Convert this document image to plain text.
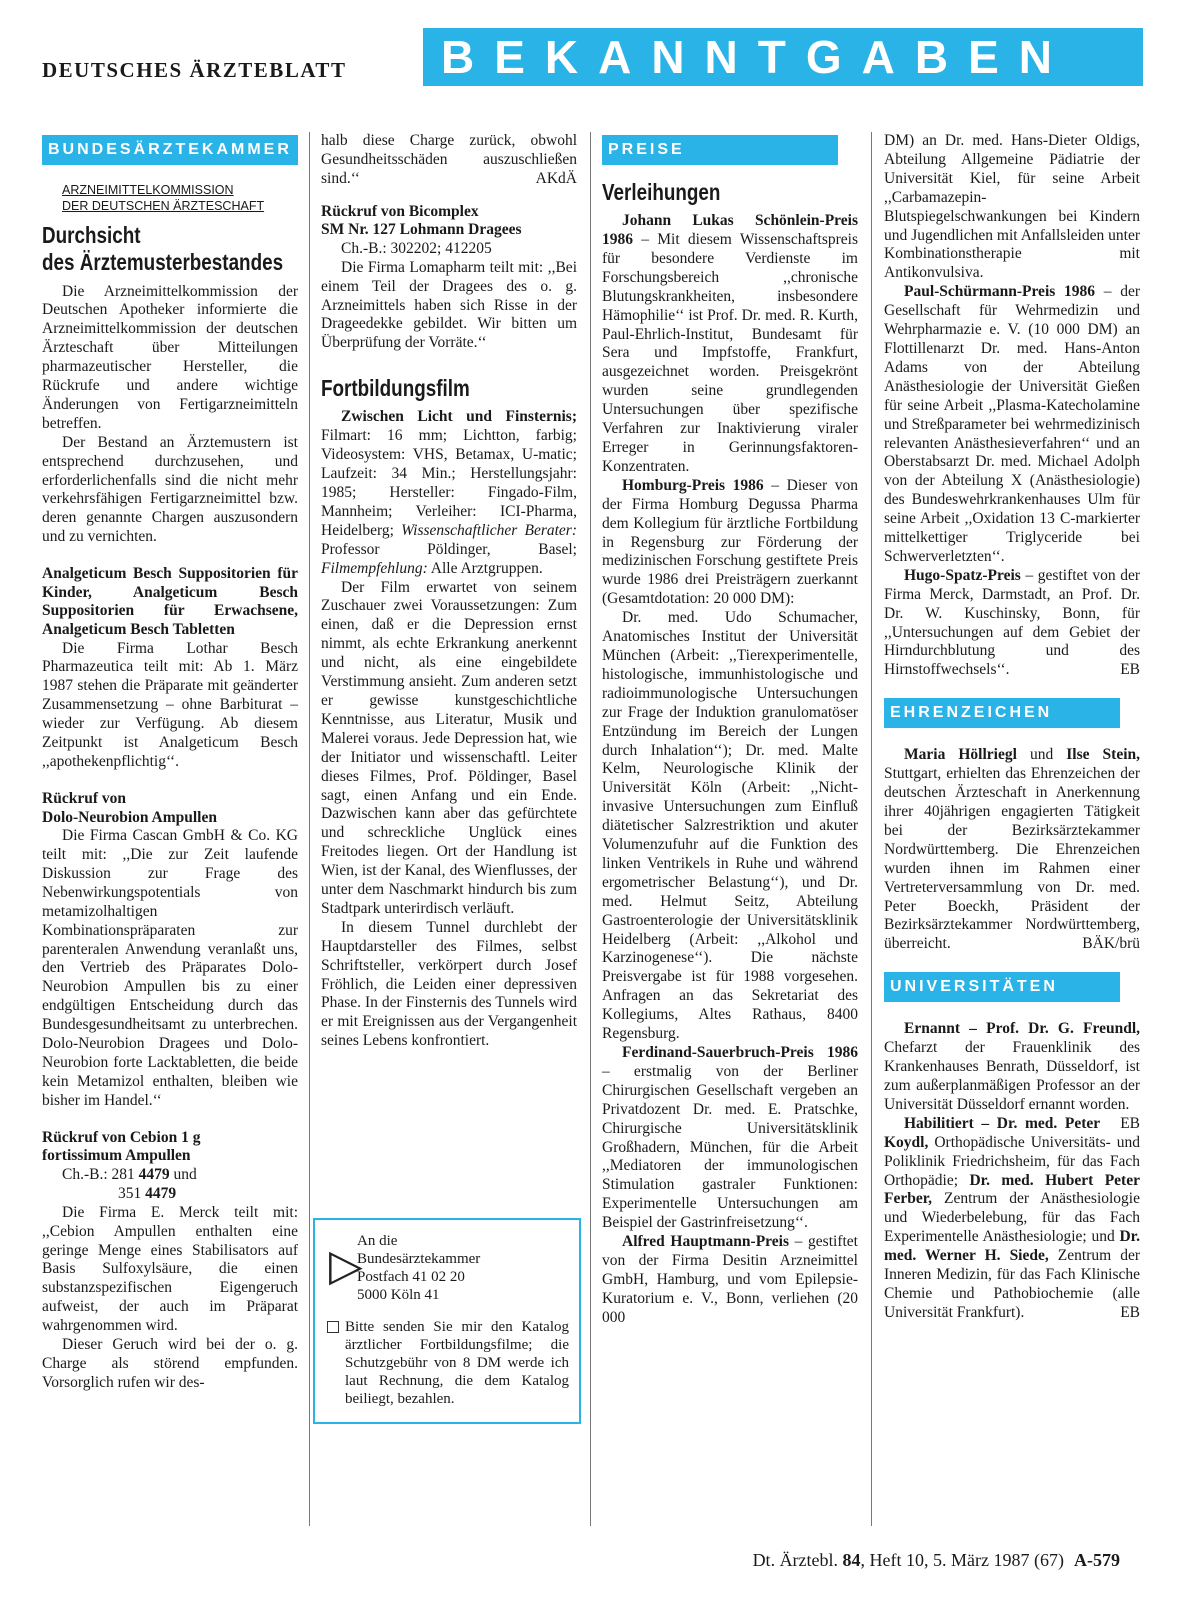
DEUTSCHES ÄRZTEBLATT	BEKANNTGABEN
BUNDESÄRZTEKAMMER

ARZNEIMITTELKOMMISSION

DER DEUTSCHEN ÄRZTESCHAFT

Durchsicht
des Ärztemusterbestandes

Die Arzneimittelkommission der Deutschen Apotheker informierte die Arzneimittelkommission der deutschen Ärzteschaft über Mitteilungen pharmazeutischer Hersteller, die Rückrufe und andere wichtige Änderungen von Fertigarzneimitteln betreffen.

Der Bestand an Ärztemustern ist entsprechend durchzusehen, und erforderlichenfalls sind die nicht mehr verkehrsfähigen Fertigarzneimittel bzw. deren genannte Chargen auszusondern und zu vernichten.

Analgeticum Besch Suppositorien für Kinder, Analgeticum Besch Suppositorien für Erwachsene, Analgeticum Besch Tabletten

Die Firma Lothar Besch Pharmazeutica teilt mit: Ab 1. März 1987 stehen die Präparate mit geänderter Zusammensetzung – ohne Barbiturat – wieder zur Verfügung. Ab diesem Zeitpunkt ist Analgeticum Besch ,,apothekenpflichtig‘‘.

Rückruf von
Dolo-Neurobion Ampullen

Die Firma Cascan GmbH & Co. KG teilt mit: ,,Die zur Zeit laufende Diskussion zur Frage des Nebenwirkungspotentials von metamizolhaltigen Kombinationspräparaten zur parenteralen Anwendung veranlaßt uns, den Vertrieb des Präparates Dolo-Neurobion Ampullen bis zu einer endgültigen Entscheidung durch das Bundesgesundheitsamt zu unterbrechen. Dolo-Neurobion Dragees und Dolo-Neurobion forte Lacktabletten, die beide kein Metamizol enthalten, bleiben wie bisher im Handel.‘‘

Rückruf von Cebion 1 g
fortissimum Ampullen
Ch.-B.: 281 4479 und
351 4479

Die Firma E. Merck teilt mit: ,,Cebion Ampullen enthalten eine geringe Menge eines Stabilisators auf Basis Sulfoxylsäure, die einen substanzspezifischen Eigengeruch aufweist, der auch im Präparat wahrgenommen wird.

Dieser Geruch wird bei der o. g. Charge als störend empfunden. Vorsorglich rufen wir des-

halb diese Charge zurück, obwohl Gesundheitsschäden auszuschließen sind.‘‘	AKdÄ

Rückruf von Bicomplex
SM Nr. 127 Lohmann Dragees
Ch.-B.: 302202; 412205

Die Firma Lomapharm teilt mit: ,,Bei einem Teil der Dragees des o. g. Arzneimittels haben sich Risse in der Drageedekke gebildet. Wir bitten um Überprüfung der Vorräte.‘‘

Fortbildungsfilm

Zwischen Licht und Finsternis; Filmart: 16 mm; Lichtton, farbig; Videosystem: VHS, Betamax, U-matic; Laufzeit: 34 Min.; Herstellungsjahr: 1985; Hersteller: Fingado-Film, Mannheim; Verleiher: ICI-Pharma, Heidelberg; Wissenschaftlicher Berater: Professor Pöldinger, Basel; Filmempfehlung: Alle Arztgruppen.

Der Film erwartet von seinem Zuschauer zwei Voraussetzungen: Zum einen, daß er die Depression ernst nimmt, als echte Erkrankung anerkennt und nicht, als eine eingebildete Verstimmung ansieht. Zum anderen setzt er gewisse kunstgeschichtliche Kenntnisse, aus Literatur, Musik und Malerei voraus. Jede Depression hat, wie der Initiator und wissenschaftl. Leiter dieses Filmes, Prof. Pöldinger, Basel sagt, einen Anfang und ein Ende. Dazwischen kann aber das gefürchtete und schreckliche Unglück eines Freitodes liegen. Ort der Handlung ist Wien, ist der Kanal, des Wienflusses, der unter dem Naschmarkt hindurch bis zum Stadtpark unterirdisch verläuft.

In diesem Tunnel durchlebt der Hauptdarsteller des Filmes, selbst Schriftsteller, verkörpert durch Josef Fröhlich, die Leiden einer depressiven Phase. In der Finsternis des Tunnels wird er mit Ereignissen aus der Vergangenheit seines Lebens konfrontiert.

▷
An die
Bundesärztekammer
Postfach 41 02 20
5000 Köln 41
Bitte senden Sie mir den Katalog ärztlicher Fortbildungsfilme; die Schutzgebühr von 8 DM werde ich laut Rechnung, die dem Katalog beiliegt, bezahlen.
PREISE
Verleihungen

Johann Lukas Schönlein-Preis 1986 – Mit diesem Wissenschaftspreis für besondere Verdienste im Forschungsbereich ,,chronische Blutungskrankheiten, insbesondere Hämophilie‘‘ ist Prof. Dr. med. R. Kurth, Paul-Ehrlich-Institut, Bundesamt für Sera und Impfstoffe, Frankfurt, ausgezeichnet worden. Preisgekrönt wurden seine grundlegenden Untersuchungen über spezifische Verfahren zur Inaktivierung viraler Erreger in Gerinnungsfaktoren-Konzentraten.

Homburg-Preis 1986 – Dieser von der Firma Homburg Degussa Pharma dem Kollegium für ärztliche Fortbildung in Regensburg zur Förderung der medizinischen Forschung gestiftete Preis wurde 1986 drei Preisträgern zuerkannt (Gesamtdotation: 20 000 DM):

Dr. med. Udo Schumacher, Anatomisches Institut der Universität München (Arbeit: ,,Tierexperimentelle, histologische, immunhistologische und radioimmunologische Untersuchungen zur Frage der Induktion granulomatöser Entzündung im Bereich der Lungen durch Inhalation‘‘); Dr. med. Malte Kelm, Neurologische Klinik der Universität Köln (Arbeit: ,,Nicht-invasive Untersuchungen zum Einfluß diätetischer Salzrestriktion und akuter Volumenzufuhr auf die Funktion des linken Ventrikels in Ruhe und während ergometrischer Belastung‘‘), und Dr. med. Helmut Seitz, Abteilung Gastroenterologie der Universitätsklinik Heidelberg (Arbeit: ,,Alkohol und Karzinogenese‘‘). Die nächste Preisvergabe ist für 1988 vorgesehen. Anfragen an das Sekretariat des Kollegiums, Altes Rathaus, 8400 Regensburg.

Ferdinand-Sauerbruch-Preis 1986 – erstmalig von der Berliner Chirurgischen Gesellschaft vergeben an Privatdozent Dr. med. E. Pratschke, Chirurgische Universitätsklinik Großhadern, München, für die Arbeit ,,Mediatoren der immunologischen Stimulation gastraler Funktionen: Experimentelle Untersuchungen am Beispiel der Gastrinfreisetzung‘‘.

Alfred Hauptmann-Preis – gestiftet von der Firma Desitin Arzneimittel GmbH, Hamburg, und vom Epilepsie-Kuratorium e. V., Bonn, verliehen (20 000

DM) an Dr. med. Hans-Dieter Oldigs, Abteilung Allgemeine Pädiatrie der Universität Kiel, für seine Arbeit ,,Carbamazepin-Blutspiegelschwankungen bei Kindern und Jugendlichen mit Anfallsleiden unter Kombinationstherapie mit Antikonvulsiva.

Paul-Schürmann-Preis 1986 – der Gesellschaft für Wehrmedizin und Wehrpharmazie e. V. (10 000 DM) an Flottillenarzt Dr. med. Hans-Anton Adams von der Abteilung Anästhesiologie der Universität Gießen für seine Arbeit ,,Plasma-Katecholamine und Streßparameter bei wehrmedizinisch relevanten Anästhesieverfahren‘‘ und an Oberstabsarzt Dr. med. Michael Adolph von der Abteilung X (Anästhesiologie) des Bundeswehrkrankenhauses Ulm für seine Arbeit ,,Oxidation 13 C-markierter mittelkettiger Triglyceride bei Schwerverletzten‘‘.

Hugo-Spatz-Preis – gestiftet von der Firma Merck, Darmstadt, an Prof. Dr. Dr. W. Kuschinsky, Bonn, für ,,Untersuchungen auf dem Gebiet der Hirndurchblutung und des Hirnstoffwechsels‘‘.	EB

EHRENZEICHEN

Maria Höllriegl und Ilse Stein, Stuttgart, erhielten das Ehrenzeichen der deutschen Ärzteschaft in Anerkennung ihrer 40jährigen engagierten Tätigkeit bei der Bezirksärztekammer Nordwürttemberg. Die Ehrenzeichen wurden ihnen im Rahmen einer Vertreterversammlung von Dr. med. Peter Boeckh, Präsident der Bezirksärztekammer Nordwürttemberg, überreicht.	BÄK/brü

UNIVERSITÄTEN

Ernannt – Prof. Dr. G. Freundl, Chefarzt der Frauenklinik des Krankenhauses Benrath, Düsseldorf, ist zum außerplanmäßigen Professor an der Universität Düsseldorf ernannt worden.
EB

Habilitiert – Dr. med. Peter Koydl, Orthopädische Universitäts- und Poliklinik Friedrichsheim, für das Fach Orthopädie; Dr. med. Hubert Peter Ferber, Zentrum der Anästhesiologie und Wiederbelebung, für das Fach Experimentelle Anästhesiologie; und Dr. med. Werner H. Siede, Zentrum der Inneren Medizin, für das Fach Klinische Chemie und Pathobiochemie (alle Universität Frankfurt).	EB

Dt. Ärztebl. 84, Heft 10, 5. März 1987 (67) A-579
